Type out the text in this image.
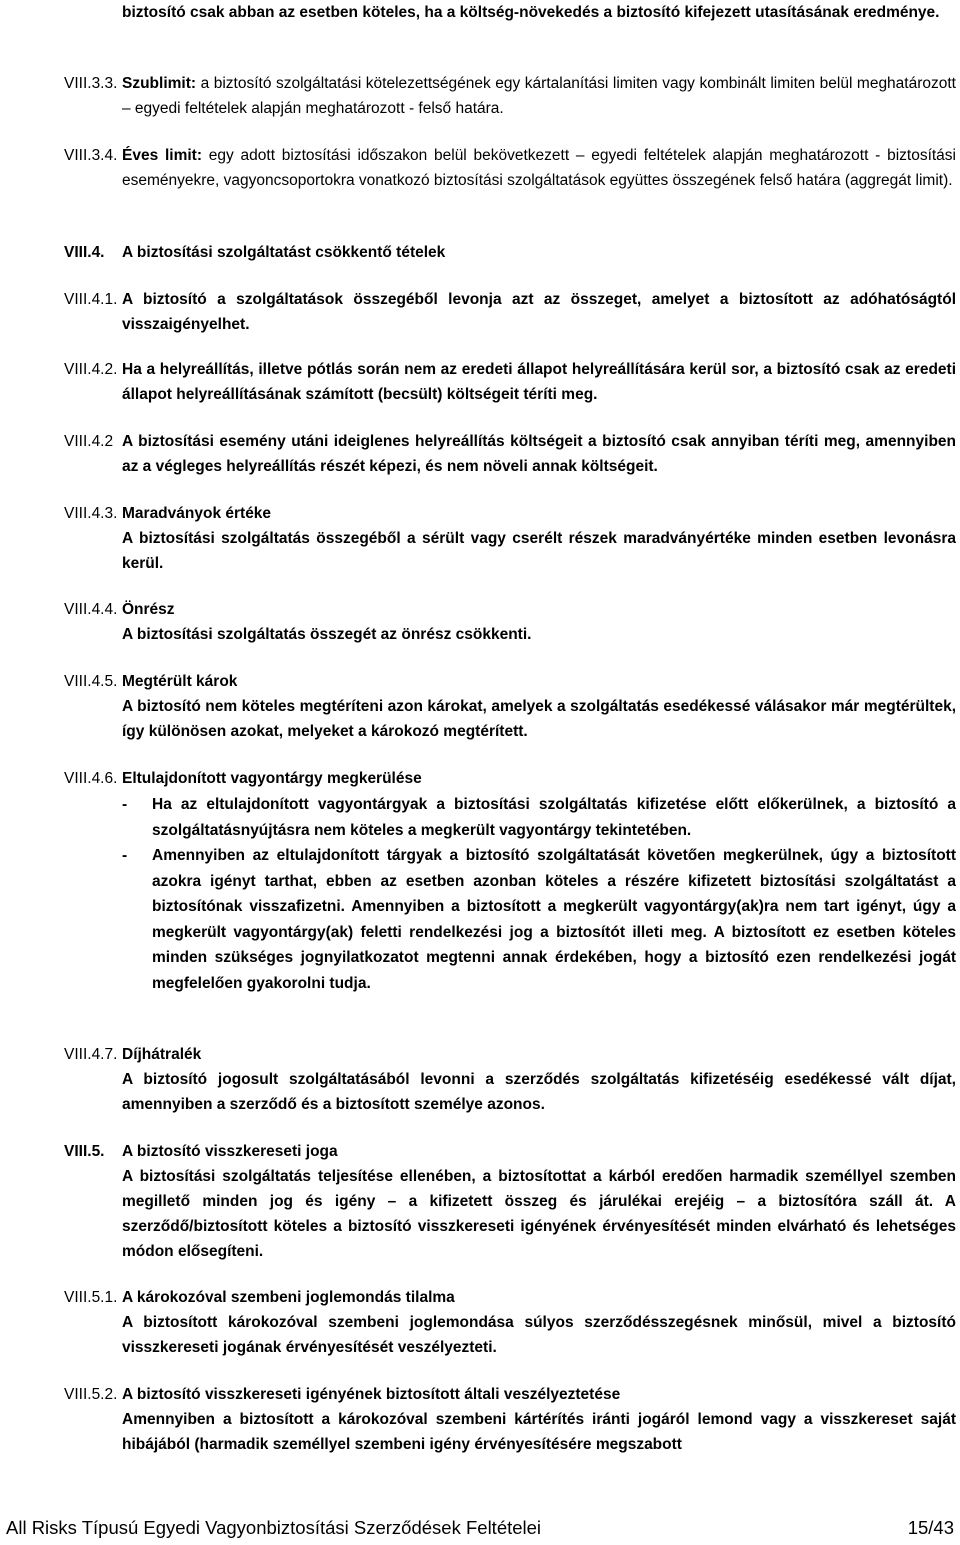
biztosító csak abban az esetben köteles, ha a költség-növekedés a biztosító kifejezett utasításának eredménye.

VIII.3.3. Szublimit: a biztosító szolgáltatási kötelezettségének egy kártalanítási limiten vagy kombinált limiten belül meghatározott – egyedi feltételek alapján meghatározott - felső határa.

VIII.3.4. Éves limit: egy adott biztosítási időszakon belül bekövetkezett – egyedi feltételek alapján meghatározott - biztosítási eseményekre, vagyoncsoportokra vonatkozó biztosítási szolgáltatások együttes összegének felső határa (aggregát limit).

VIII.4. A biztosítási szolgáltatást csökkentő tételek

VIII.4.1. A biztosító a szolgáltatások összegéből levonja azt az összeget, amelyet a biztosított az adóhatóságtól visszaigényelhet.

VIII.4.2. Ha a helyreállítás, illetve pótlás során nem az eredeti állapot helyreállítására kerül sor, a biztosító csak az eredeti állapot helyreállításának számított (becsült) költségeit téríti meg.

VIII.4.2 A biztosítási esemény utáni ideiglenes helyreállítás költségeit a biztosító csak annyiban téríti meg, amennyiben az a végleges helyreállítás részét képezi, és nem növeli annak költségeit.

VIII.4.3. Maradványok értéke

A biztosítási szolgáltatás összegéből a sérült vagy cserélt részek maradványértéke minden esetben levonásra kerül.

VIII.4.4. Önrész

A biztosítási szolgáltatás összegét az önrész csökkenti.

VIII.4.5. Megtérült károk

A biztosító nem köteles megtéríteni azon károkat, amelyek a szolgáltatás esedékessé válásakor már megtérültek, így különösen azokat, melyeket a károkozó megtérített.

VIII.4.6. Eltulajdonított vagyontárgy megkerülése

- Ha az eltulajdonított vagyontárgyak a biztosítási szolgáltatás kifizetése előtt előkerülnek, a biztosító a szolgáltatásnyújtásra nem köteles a megkerült vagyontárgy tekintetében.
- Amennyiben az eltulajdonított tárgyak a biztosító szolgáltatását követően megkerülnek, úgy a biztosított azokra igényt tarthat, ebben az esetben azonban köteles a részére kifizetett biztosítási szolgáltatást a biztosítónak visszafizetni. Amennyiben a biztosított a megkerült vagyontárgy(ak)ra nem tart igényt, úgy a megkerült vagyontárgy(ak) feletti rendelkezési jog a biztosítót illeti meg. A biztosított ez esetben köteles minden szükséges jognyilatkozatot megtenni annak érdekében, hogy a biztosító ezen rendelkezési jogát megfelelően gyakorolni tudja.
VIII.4.7. Díjhátralék

A biztosító jogosult szolgáltatásából levonni a szerződés szolgáltatás kifizetéséig esedékessé vált díjat, amennyiben a szerződő és a biztosított személye azonos.

VIII.5. A biztosító visszkereseti joga

A biztosítási szolgáltatás teljesítése ellenében, a biztosítottat a kárból eredően harmadik személlyel szemben megillető minden jog és igény – a kifizetett összeg és járulékai erejéig – a biztosítóra száll át. A szerződő/biztosított köteles a biztosító visszkereseti igényének érvényesítését minden elvárható és lehetséges módon elősegíteni.

VIII.5.1. A károkozóval szembeni joglemondás tilalma

A biztosított károkozóval szembeni joglemondása súlyos szerződésszegésnek minősül, mivel a biztosító visszkereseti jogának érvényesítését veszélyezteti.

VIII.5.2. A biztosító visszkereseti igényének biztosított általi veszélyeztetése

Amennyiben a biztosított a károkozóval szembeni kártérítés iránti jogáról lemond vagy a visszkereset saját hibájából (harmadik személlyel szembeni igény érvényesítésére megszabott

All Risks Típusú Egyedi Vagyonbiztosítási Szerződések Feltételei	15/43
